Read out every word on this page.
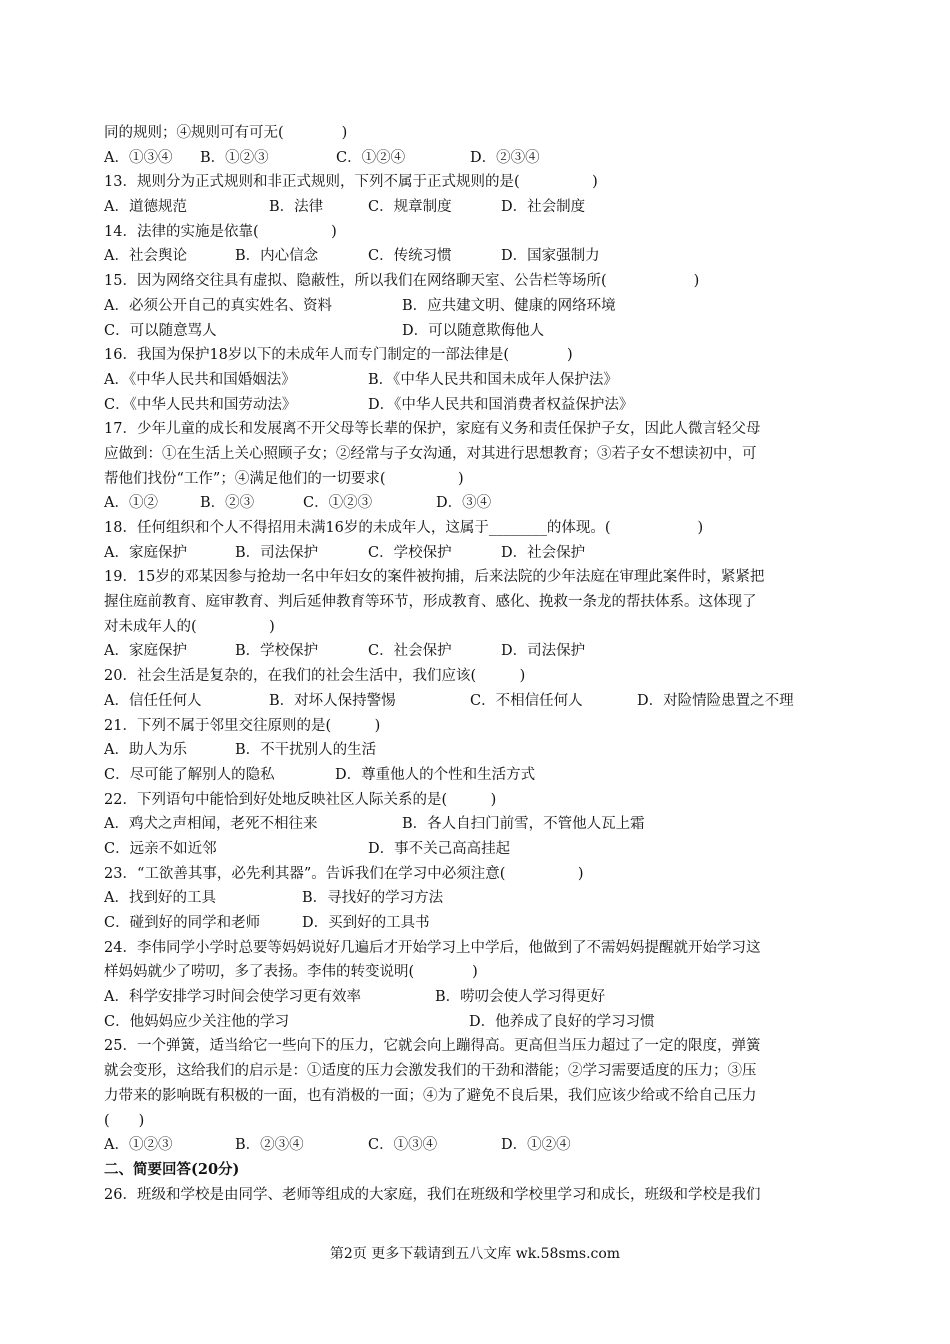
同的规则；④规则可有可无(　　　　)
A．①③④ B．①②③	C．①②④	D．②③④
13．规则分为正式规则和非正式规则，下列不属于正式规则的是(　　　　　)
A．道德规范	B．法律	C．规章制度	D．社会制度
14．法律的实施是依靠(　　　　　)
A．社会舆论	B．内心信念	C．传统习惯	D．国家强制力
15．因为网络交往具有虚拟、隐蔽性，所以我们在网络聊天室、公告栏等场所(　　　　　　)
A．必须公开自己的真实姓名、资料	B．应共建文明、健康的网络环境
C．可以随意骂人	D．可以随意欺侮他人
16．我国为保护18岁以下的未成年人而专门制定的一部法律是(　　　　)
A．《中华人民共和国婚姻法》	B．《中华人民共和国未成年人保护法》
C．《中华人民共和国劳动法》	D．《中华人民共和国消费者权益保护法》
17．少年儿童的成长和发展离不开父母等长辈的保护，家庭有义务和责任保护子女，因此人微言轻父母
应做到：①在生活上关心照顾子女；②经常与子女沟通，对其进行思想教育；③若子女不想读初中，可
帮他们找份“工作”；④满足他们的一切要求(　　　　　)
A．①②	B．②③	C．①②③	D．③④
18．任何组织和个人不得招用未满16岁的未成年人，这属于________的体现。(　　　　　　)
A．家庭保护	B．司法保护	C．学校保护	D．社会保护
19．15岁的邓某因参与抢劫一名中年妇女的案件被拘捕，后来法院的少年法庭在审理此案件时，紧紧把
握住庭前教育、庭审教育、判后延伸教育等环节，形成教育、感化、挽救一条龙的帮扶体系。这体现了
对未成年人的(　　　　　)
A．家庭保护	B．学校保护	C．社会保护	D．司法保护
20．社会生活是复杂的，在我们的社会生活中，我们应该(　　　)
A．信任任何人	B．对坏人保持警惕	C．不相信任何人	D．对险情险患置之不理
21．下列不属于邻里交往原则的是(　　　)
A．助人为乐	B．不干扰别人的生活
C．尽可能了解别人的隐私	D．尊重他人的个性和生活方式
22．下列语句中能恰到好处地反映社区人际关系的是(　　　)
A．鸡犬之声相闻，老死不相往来	B．各人自扫门前雪，不管他人瓦上霜
C．远亲不如近邻	D．事不关己高高挂起
23．“工欲善其事，必先利其器”。告诉我们在学习中必须注意(　　　　　)
A．找到好的工具	B．寻找好的学习方法
C．碰到好的同学和老师	D．买到好的工具书
24．李伟同学小学时总要等妈妈说好几遍后才开始学习上中学后，他做到了不需妈妈提醒就开始学习这
样妈妈就少了唠叨，多了表扬。李伟的转变说明(　　　　)
A．科学安排学习时间会使学习更有效率	B．唠叨会使人学习得更好
C．他妈妈应少关注他的学习	D．他养成了良好的学习习惯
25．一个弹簧，适当给它一些向下的压力，它就会向上蹦得高。更高但当压力超过了一定的限度，弹簧
就会变形，这给我们的启示是：①适度的压力会激发我们的干劲和潜能；②学习需要适度的压力；③压
力带来的影响既有积极的一面，也有消极的一面；④为了避免不良后果，我们应该少给或不给自己压力
(　　)
A．①②③	B．②③④	C．①③④	D．①②④
二、简要回答(20分)
26．班级和学校是由同学、老师等组成的大家庭，我们在班级和学校里学习和成长，班级和学校是我们
第2页 更多下载请到五八文库 wk.58sms.com
